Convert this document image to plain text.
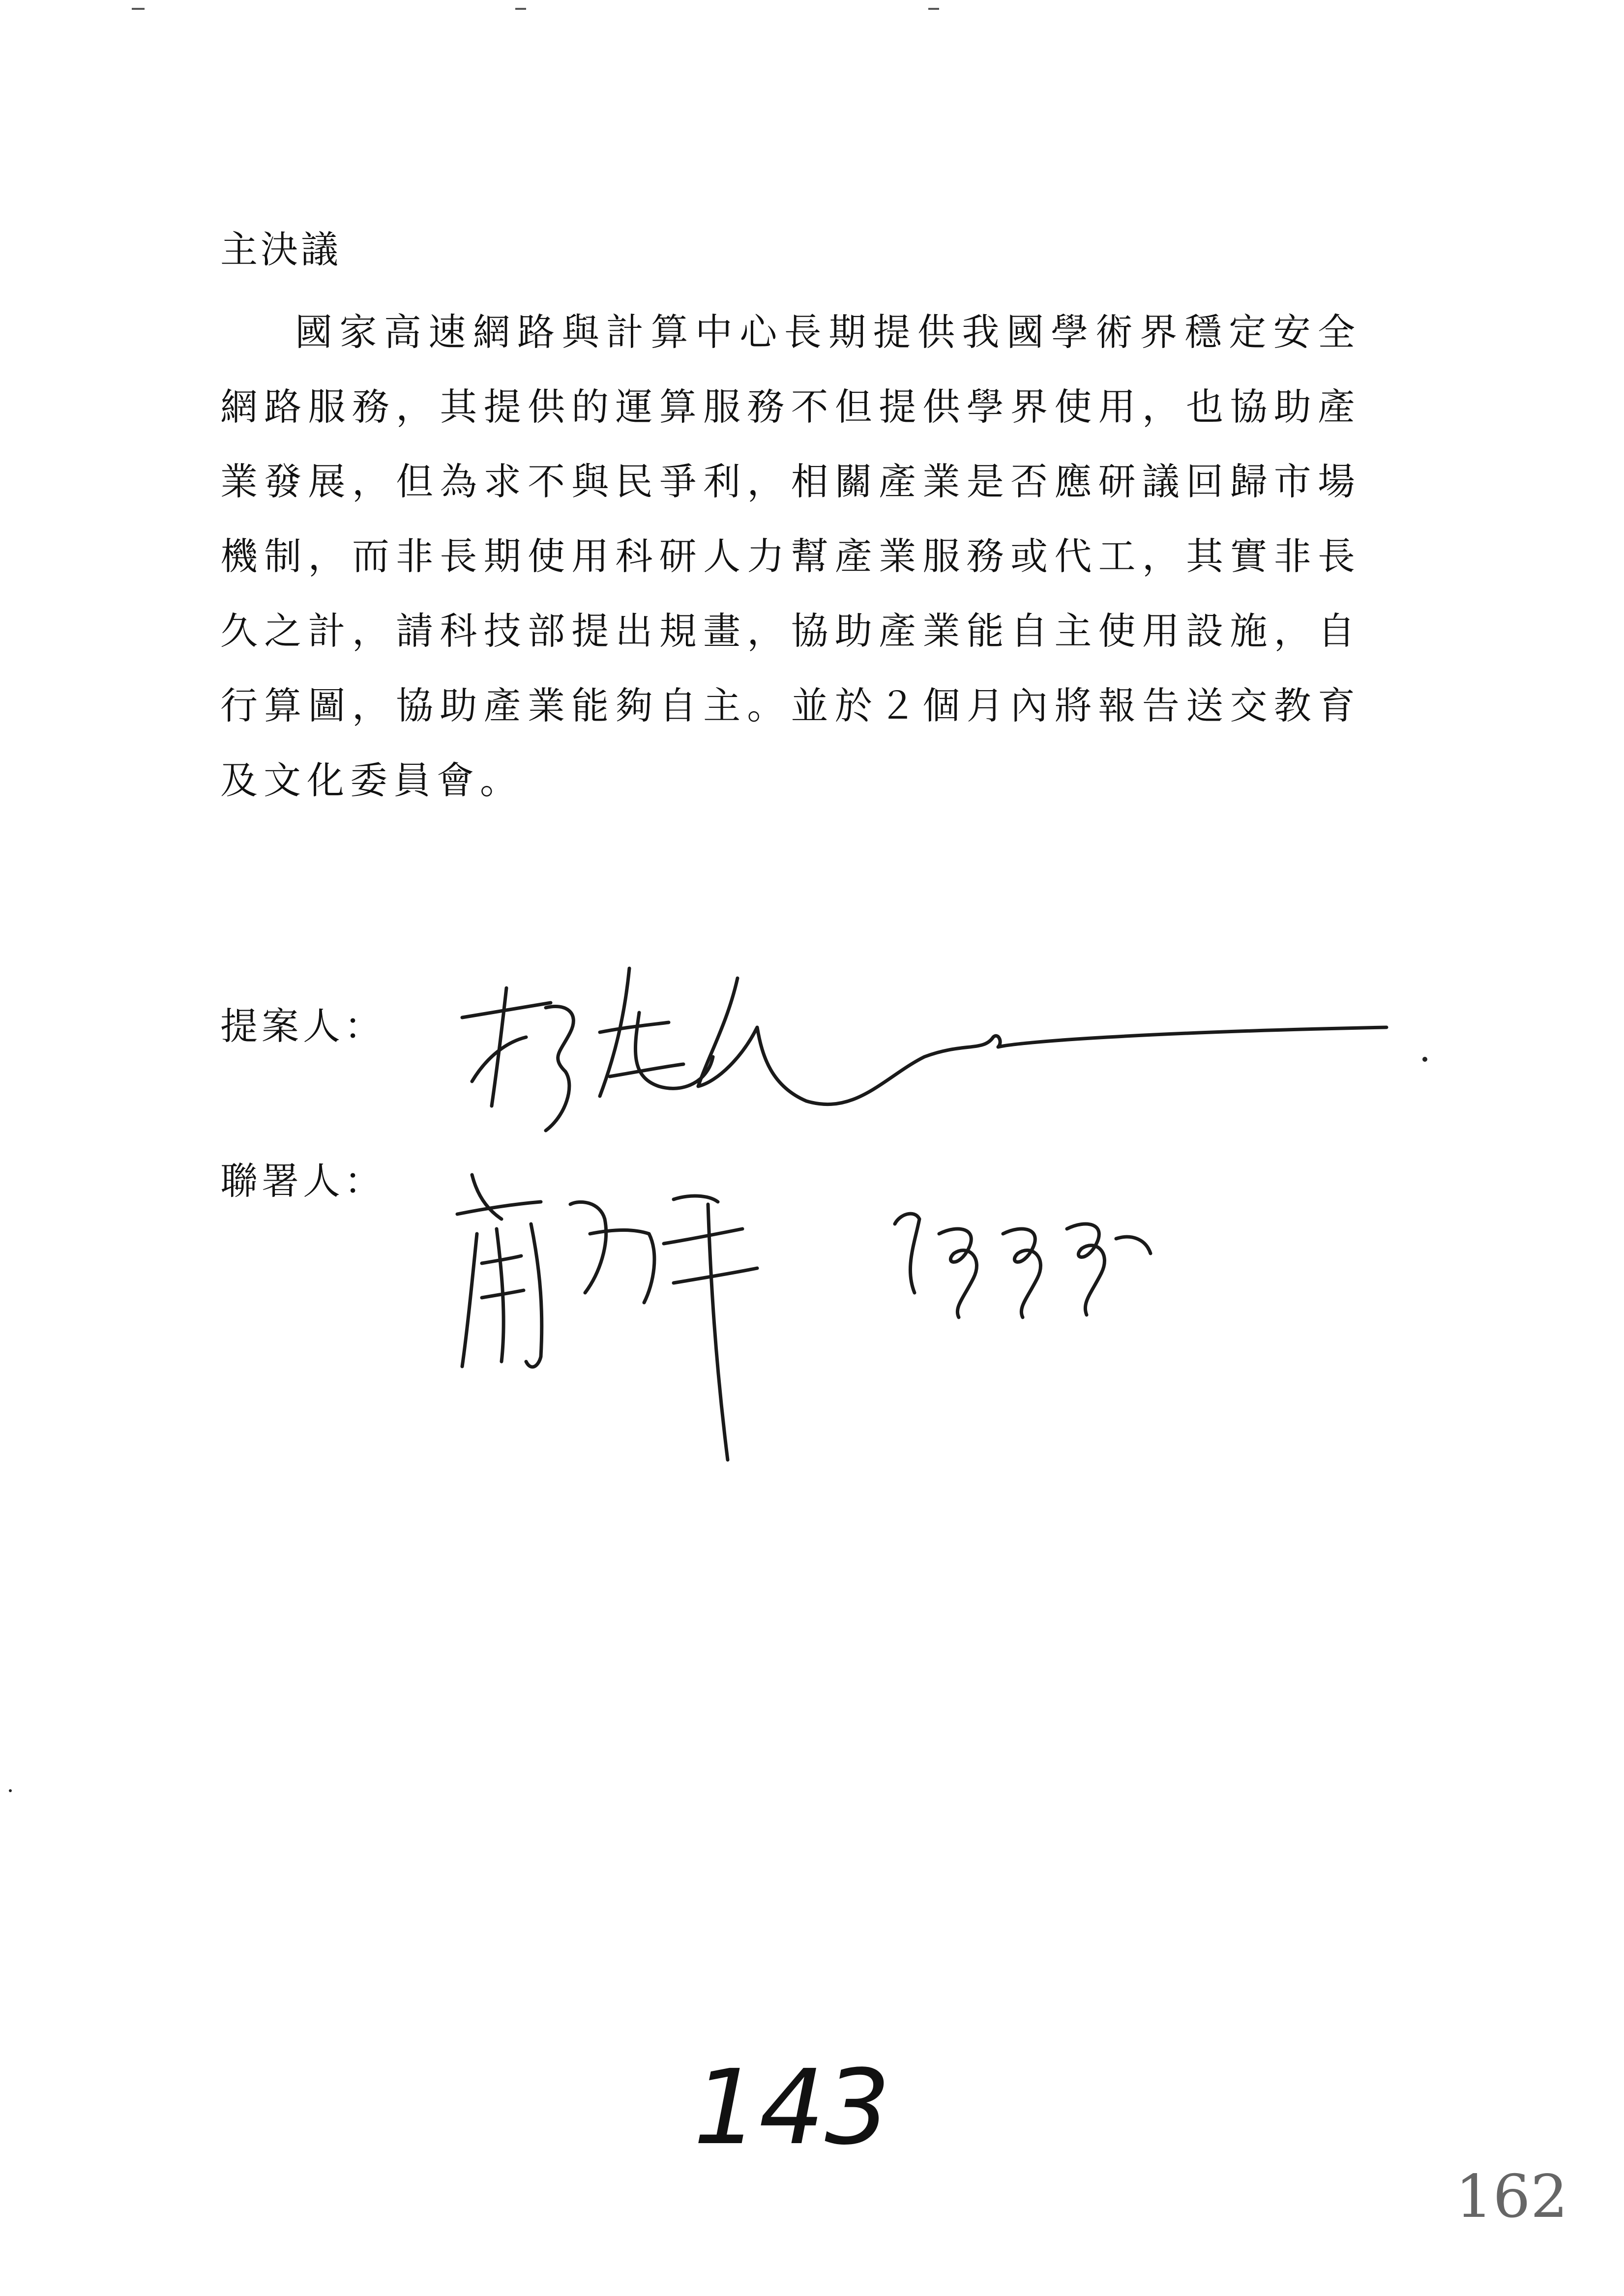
主決議

國家高速網路與計算中心長期提供我國學術界穩定安全網路服務，其提供的運算服務不但提供學界使用，也協助產業發展，但為求不與民爭利，相關產業是否應研議回歸市場機制，而非長期使用科研人力幫產業服務或代工，其實非長久之計，請科技部提出規畫，協助產業能自主使用設施，自行算圖，協助產業能夠自主。並於２個月內將報告送交教育及文化委員會。

提案人：
聯署人：
143
162
